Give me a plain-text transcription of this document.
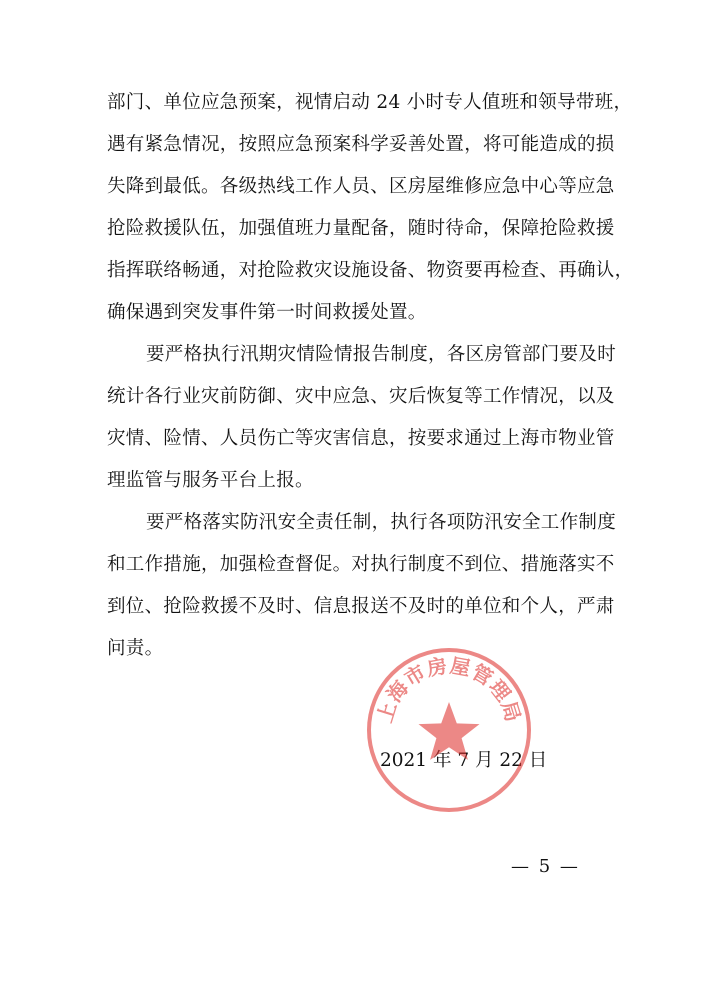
部门、单位应急预案，视情启动 24 小时专人值班和领导带班，
遇有紧急情况，按照应急预案科学妥善处置，将可能造成的损
失降到最低。各级热线工作人员、区房屋维修应急中心等应急
抢险救援队伍，加强值班力量配备，随时待命，保障抢险救援
指挥联络畅通，对抢险救灾设施设备、物资要再检查、再确认，
确保遇到突发事件第一时间救援处置。
要严格执行汛期灾情险情报告制度，各区房管部门要及时
统计各行业灾前防御、灾中应急、灾后恢复等工作情况，以及
灾情、险情、人员伤亡等灾害信息，按要求通过上海市物业管
理监管与服务平台上报。
要严格落实防汛安全责任制，执行各项防汛安全工作制度
和工作措施，加强检查督促。对执行制度不到位、措施落实不
到位、抢险救援不及时、信息报送不及时的单位和个人，严肃
问责。
2021 年 7 月 22 日
上海市房屋管理局
— 5 —
